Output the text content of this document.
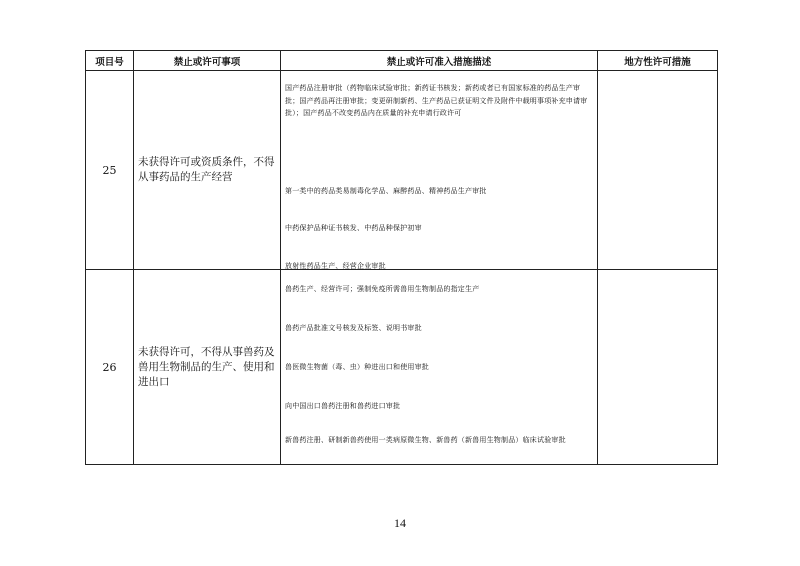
项目号	禁止或许可事项	禁止或许可准入措施描述	地方性许可措施
25	未获得许可或资质条件，不得从事药品的生产经营	国产药品注册审批（药物临床试验审批；新药证书核发；新药或者已有国家标准的药品生产审批；国产药品再注册审批；变更研制新药、生产药品已获证明文件及附件中载明事项补充申请审批）；国产药品不改变药品内在质量的补充申请行政许可
第一类中的药品类易制毒化学品、麻醉药品、精神药品生产审批
中药保护品种证书核发、中药品种保护初审
放射性药品生产、经营企业审批	

26	未获得许可，不得从事兽药及兽用生物制品的生产、使用和进出口	兽药生产、经营许可；强制免疫所需兽用生物制品的指定生产
兽药产品批准文号核发及标签、说明书审批
兽医微生物菌（毒、虫）种进出口和使用审批
向中国出口兽药注册和兽药进口审批
新兽药注册、研制新兽药使用一类病原微生物、新兽药（新兽用生物制品）临床试验审批	

14
